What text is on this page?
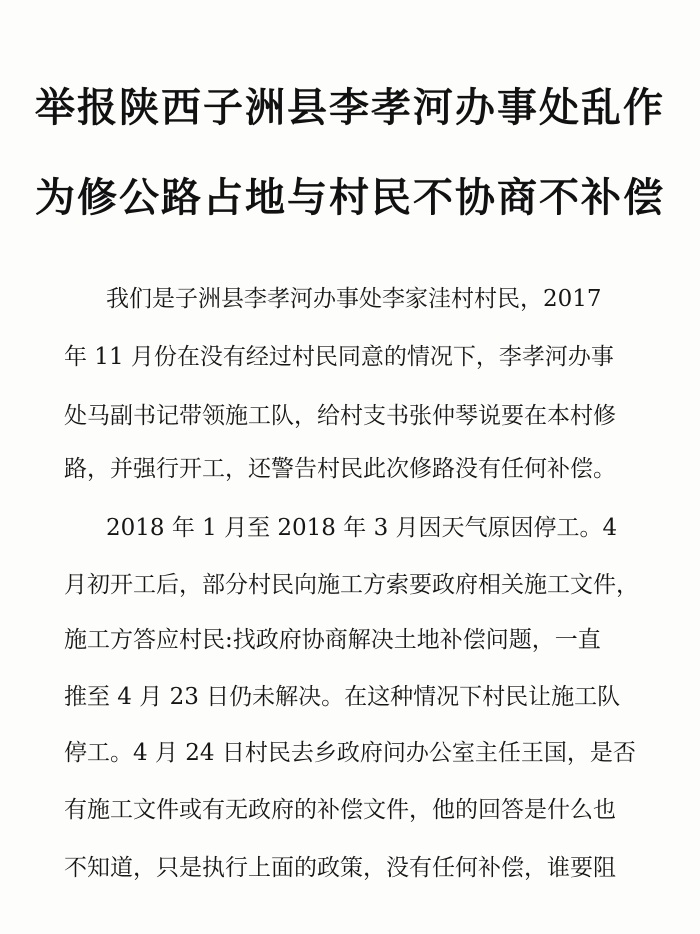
举报陕西子洲县李孝河办事处乱作
为修公路占地与村民不协商不补偿
我们是子洲县李孝河办事处李家洼村村民，2017
年 11 月份在没有经过村民同意的情况下，李孝河办事
处马副书记带领施工队，给村支书张仲琴说要在本村修
路，并强行开工，还警告村民此次修路没有任何补偿。
2018 年 1 月至 2018 年 3 月因天气原因停工。4
月初开工后，部分村民向施工方索要政府相关施工文件，
施工方答应村民:找政府协商解决土地补偿问题，一直
推至 4 月 23 日仍未解决。在这种情况下村民让施工队
停工。4 月 24 日村民去乡政府问办公室主任王国，是否
有施工文件或有无政府的补偿文件，他的回答是什么也
不知道，只是执行上面的政策，没有任何补偿，谁要阻
